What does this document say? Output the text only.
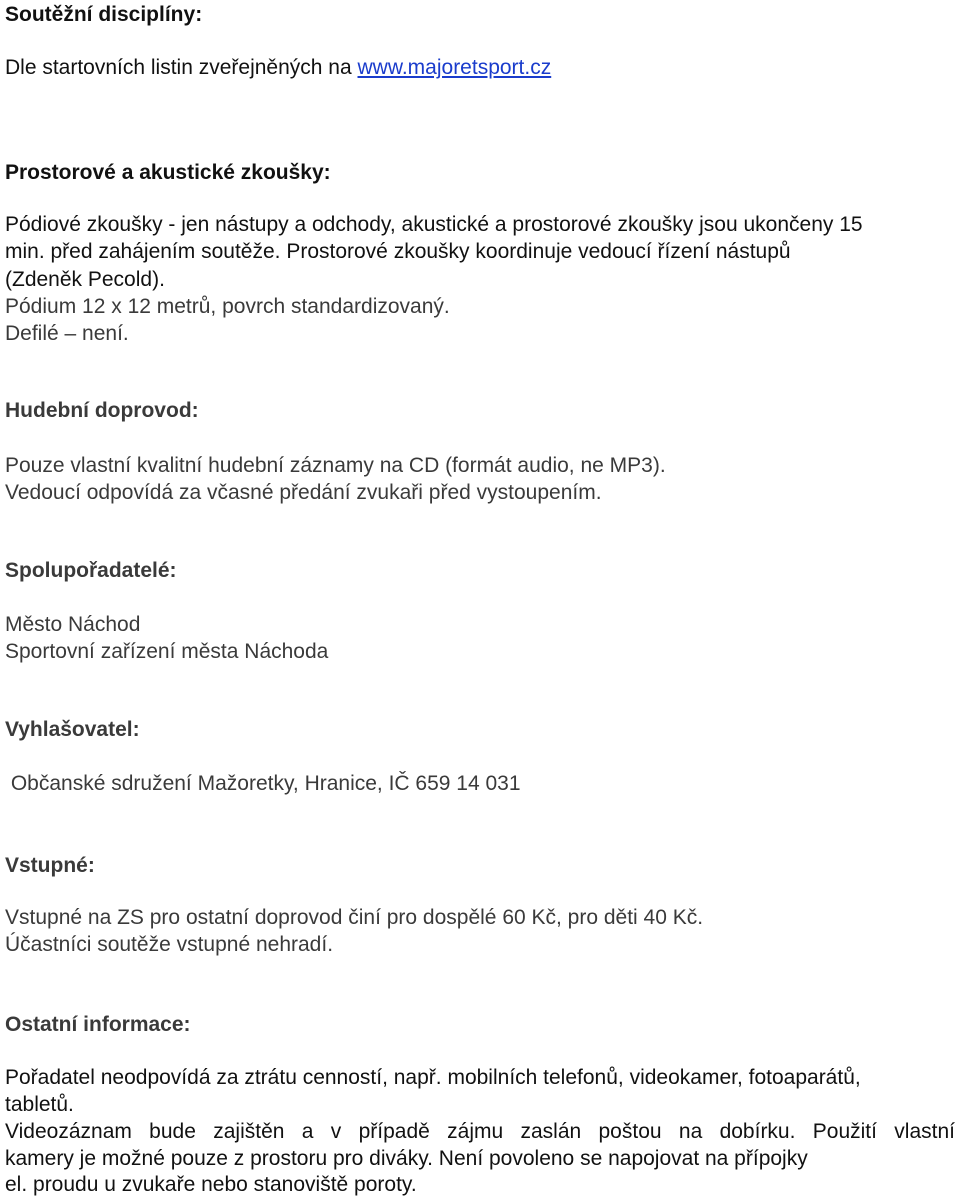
Soutěžní disciplíny:
Dle startovních listin zveřejněných na www.majoretsport.cz
Prostorové a akustické zkoušky:
Pódiové zkoušky - jen nástupy a odchody, akustické a prostorové zkoušky jsou ukončeny 15
min. před zahájením soutěže. Prostorové zkoušky koordinuje vedoucí řízení nástupů
(Zdeněk Pecold).
Pódium 12 x 12 metrů, povrch standardizovaný.
Defilé – není.
Hudební doprovod:
Pouze vlastní kvalitní hudební záznamy na CD (formát audio, ne MP3).
Vedoucí odpovídá za včasné předání zvukaři před vystoupením.
Spolupořadatelé:
Město Náchod
Sportovní zařízení města Náchoda
Vyhlašovatel:
Občanské sdružení Mažoretky, Hranice, IČ 659 14 031
Vstupné:
Vstupné na ZS pro ostatní doprovod činí pro dospělé 60 Kč, pro děti 40 Kč.
Účastníci soutěže vstupné nehradí.
Ostatní informace:
Pořadatel neodpovídá za ztrátu cenností, např. mobilních telefonů, videokamer, fotoaparátů,
tabletů.
Videozáznam bude zajištěn a v případě zájmu zaslán poštou na dobírku. Použití vlastní
kamery je možné pouze z prostoru pro diváky. Není povoleno se napojovat na přípojky
el. proudu u zvukaře nebo stanoviště poroty.
